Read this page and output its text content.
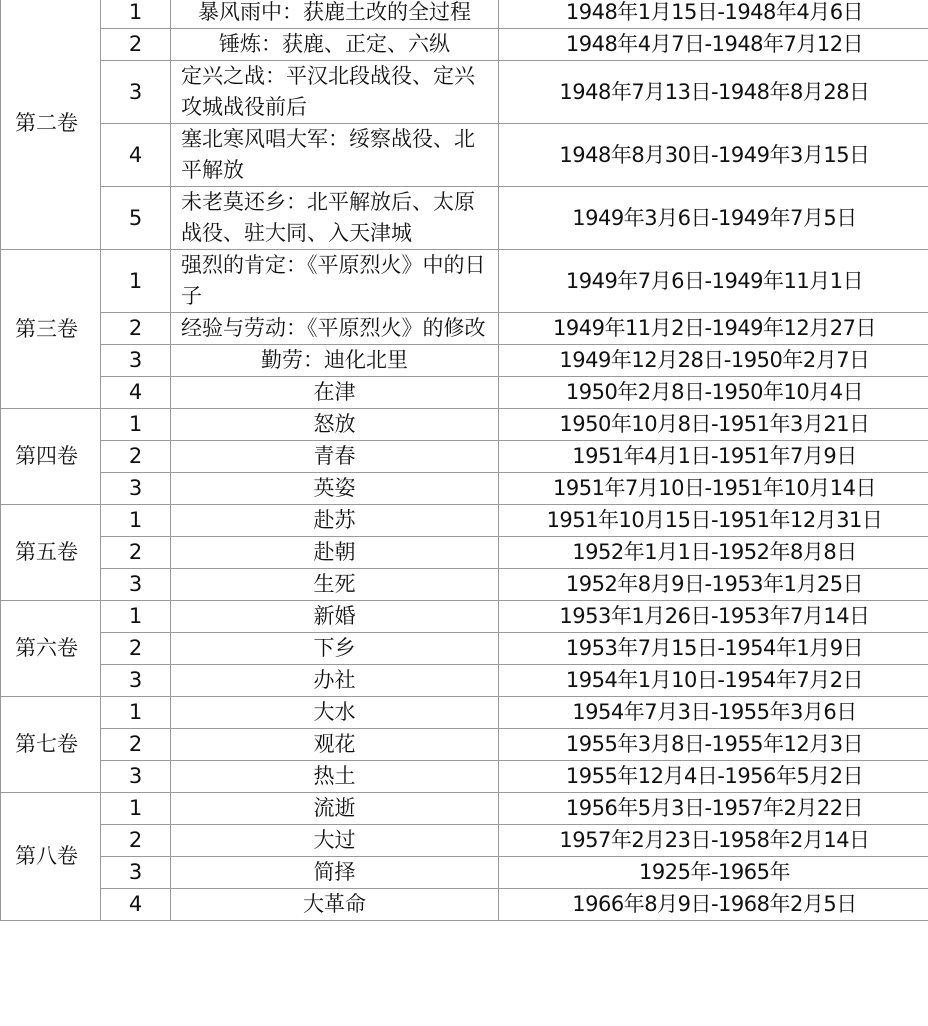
第二卷	1	暴风雨中：获鹿土改的全过程	1948年1月15日-1948年4月6日
	2	锤炼：获鹿、正定、六纵	1948年4月7日-1948年7月12日
	3	定兴之战：平汉北段战役、定兴攻城战役前后	1948年7月13日-1948年8月28日
	4	塞北寒风唱大军：绥察战役、北平解放	1948年8月30日-1949年3月15日
	5	未老莫还乡：北平解放后、太原战役、驻大同、入天津城	1949年3月6日-1949年7月5日
第三卷	1	强烈的肯定：《平原烈火》中的日子	1949年7月6日-1949年11月1日
	2	经验与劳动：《平原烈火》的修改	1949年11月2日-1949年12月27日
	3	勤劳：迪化北里	1949年12月28日-1950年2月7日
	4	在津	1950年2月8日-1950年10月4日
第四卷	1	怒放	1950年10月8日-1951年3月21日
	2	青春	1951年4月1日-1951年7月9日
	3	英姿	1951年7月10日-1951年10月14日
第五卷	1	赴苏	1951年10月15日-1951年12月31日
	2	赴朝	1952年1月1日-1952年8月8日
	3	生死	1952年8月9日-1953年1月25日
第六卷	1	新婚	1953年1月26日-1953年7月14日
	2	下乡	1953年7月15日-1954年1月9日
	3	办社	1954年1月10日-1954年7月2日
第七卷	1	大水	1954年7月3日-1955年3月6日
	2	观花	1955年3月8日-1955年12月3日
	3	热土	1955年12月4日-1956年5月2日
第八卷	1	流逝	1956年5月3日-1957年2月22日
	2	大过	1957年2月23日-1958年2月14日
	3	简择	1925年-1965年
	4	大革命	1966年8月9日-1968年2月5日
